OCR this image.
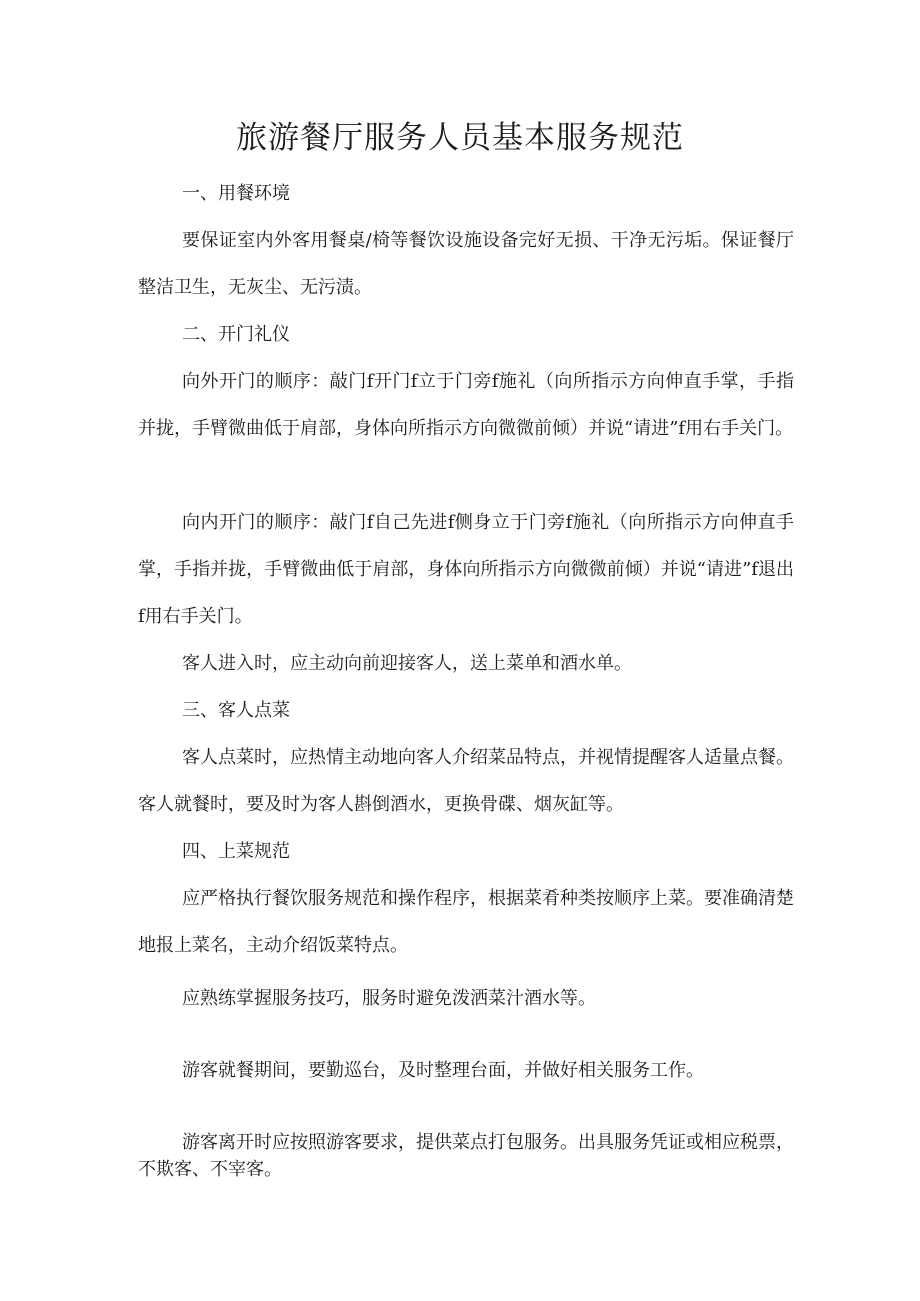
旅游餐厅服务人员基本服务规范

一、用餐环境

要保证室内外客用餐桌/椅等餐饮设施设备完好无损、干净无污垢。保证餐厅整洁卫生，无灰尘、无污渍。

二、开门礼仪

向外开门的顺序：敲门f开门f立于门旁f施礼（向所指示方向伸直手掌，手指并拢，手臂微曲低于肩部，身体向所指示方向微微前倾）并说“请进”f用右手关门。

向内开门的顺序：敲门f自己先进f侧身立于门旁f施礼（向所指示方向伸直手掌，手指并拢，手臂微曲低于肩部，身体向所指示方向微微前倾）并说“请进”f退出f用右手关门。

客人进入时，应主动向前迎接客人，送上菜单和酒水单。

三、客人点菜

客人点菜时，应热情主动地向客人介绍菜品特点，并视情提醒客人适量点餐。客人就餐时，要及时为客人斟倒酒水，更换骨碟、烟灰缸等。

四、上菜规范

应严格执行餐饮服务规范和操作程序，根据菜肴种类按顺序上菜。要准确清楚地报上菜名，主动介绍饭菜特点。

应熟练掌握服务技巧，服务时避免泼洒菜汁酒水等。

游客就餐期间，要勤巡台，及时整理台面，并做好相关服务工作。

游客离开时应按照游客要求，提供菜点打包服务。出具服务凭证或相应税票，不欺客、不宰客。
